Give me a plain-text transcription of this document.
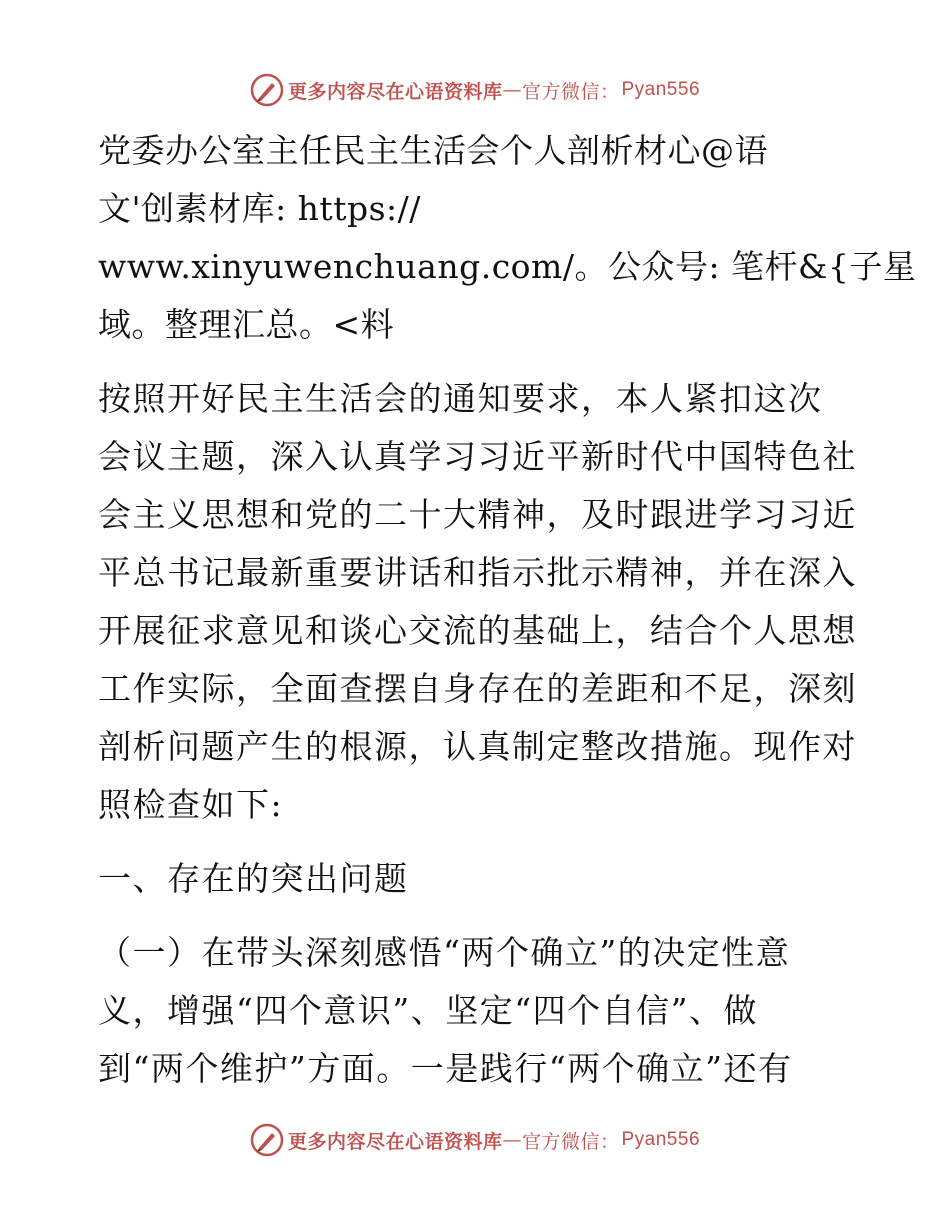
更多内容尽在心语资料库 — 官方微信： Pyan556
党委办公室主任民主生活会个人剖析材心@语
文'创素材库: https://
www.xinyuwenchuang.com/。公众号: 笔杆&{子星
域。整理汇总。<料
按照开好民主生活会的通知要求，本人紧扣这次
会议主题，深入认真学习习近平新时代中国特色社
会主义思想和党的二十大精神，及时跟进学习习近
平总书记最新重要讲话和指示批示精神，并在深入
开展征求意见和谈心交流的基础上，结合个人思想
工作实际，全面查摆自身存在的差距和不足，深刻
剖析问题产生的根源，认真制定整改措施。现作对
照检查如下:
一、存在的突出问题
（一）在带头深刻感悟“两个确立”的决定性意
义，增强“四个意识”、坚定“四个自信”、做
到“两个维护”方面。一是践行“两个确立”还有
更多内容尽在心语资料库 — 官方微信： Pyan556
